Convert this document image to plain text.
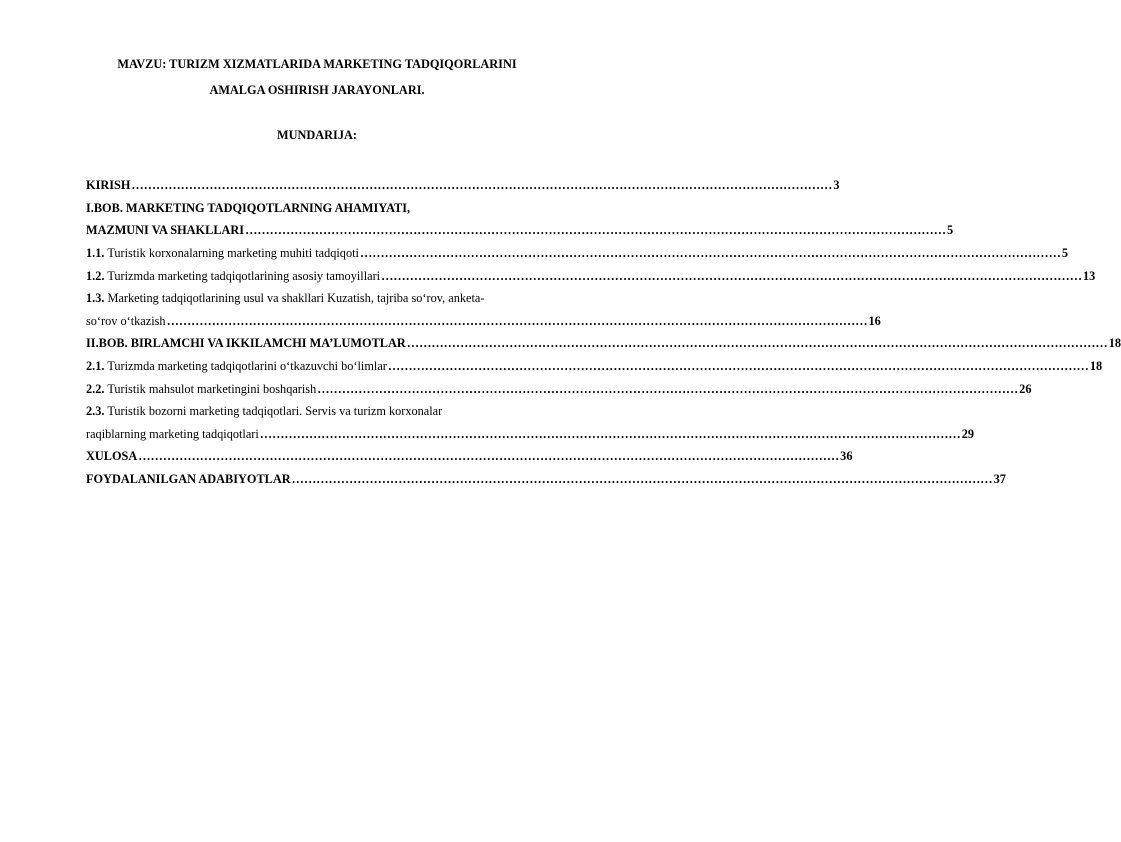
MAVZU: TURIZM XIZMATLARIDA MARKETING TADQIQORLARINI
AMALGA OSHIRISH JARAYONLARI.
MUNDARIJA:
KIRISH ……………………………………………………………………………………………………………………………………………………… 3
I.BOB. MARKETING TADQIQOTLARNING AHAMIYATI,
MAZMUNI VA SHAKLLARI ……………………………………………………………………………………………………………………………………………………… 5
1.1. Turistik korxonalarning marketing muhiti tadqiqoti ……………………………………………………………………………………………………………………………………………………… 5
1.2. Turizmda marketing tadqiqotlarining asosiy tamoyillari ……………………………………………………………………………………………………………………………………………………… 13
1.3. Marketing tadqiqotlarining usul va shakllari Kuzatish, tajriba so‘rov, anketa-
so‘rov o‘tkazish ……………………………………………………………………………………………………………………………………………………… 16
II.BOB. BIRLAMCHI VA IKKILAMCHI MA’LUMOTLAR ……………………………………………………………………………………………………………………………………………………… 18
2.1. Turizmda marketing tadqiqotlarini o‘tkazuvchi bo‘limlar ……………………………………………………………………………………………………………………………………………………… 18
2.2. Turistik mahsulot marketingini boshqarish ……………………………………………………………………………………………………………………………………………………… 26
2.3. Turistik bozorni marketing tadqiqotlari. Servis va turizm korxonalar
raqiblarning marketing tadqiqotlari ……………………………………………………………………………………………………………………………………………………… 29
XULOSA ……………………………………………………………………………………………………………………………………………………… 36
FOYDALANILGAN ADABIYOTLAR ……………………………………………………………………………………………………………………………………………………… 37
